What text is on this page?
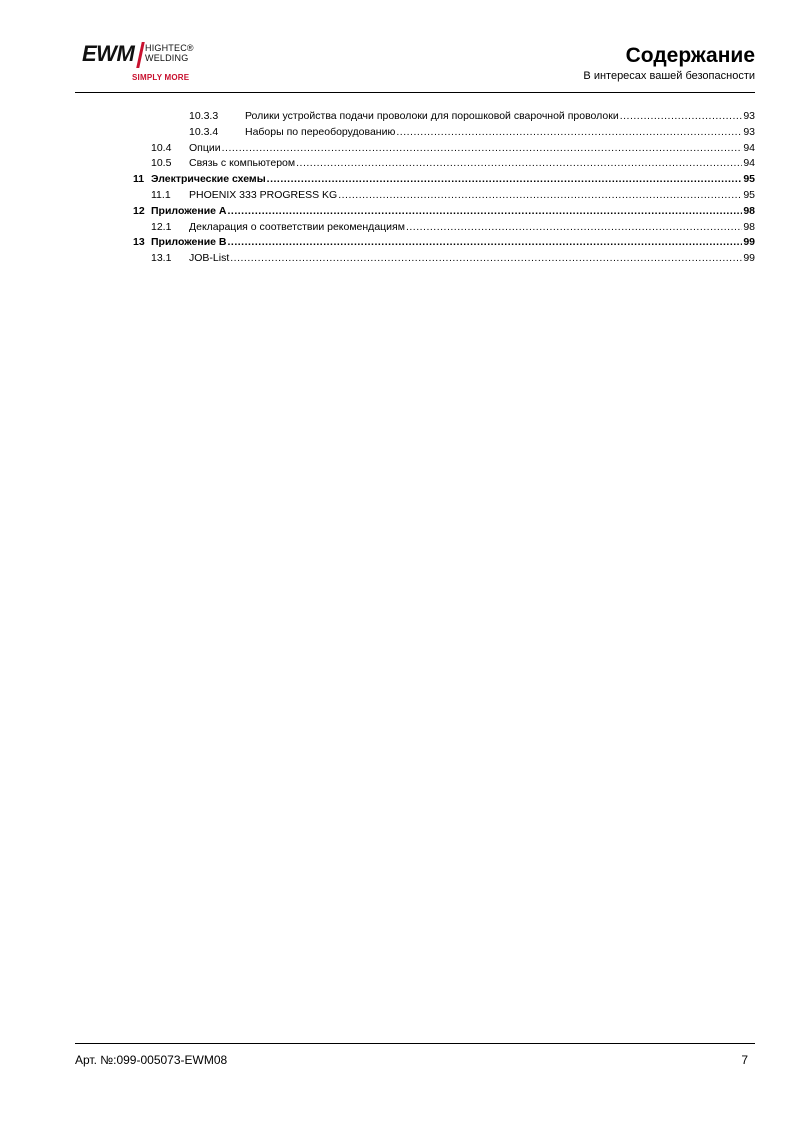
EWM HIGHTEC®
WELDING
SIMPLY MORE
Содержание
В интересах вашей безопасности
10.3.3	Ролики устройства подачи проволоки для порошковой сварочной проволоки .....	93
10.3.4	Наборы по переоборудованию .....	93
10.4 Опции .....	94
10.5 Связь с компьютером .....	94
11 Электрические схемы .....	95
11.1 PHOENIX 333 PROGRESS KG .....	95
12 Приложение A .....	98
12.1 Декларация о соответствии рекомендациям .....	98
13 Приложение B .....	99
13.1 JOB-List .....	99
Арт. №:099-005073-EWM08	7
